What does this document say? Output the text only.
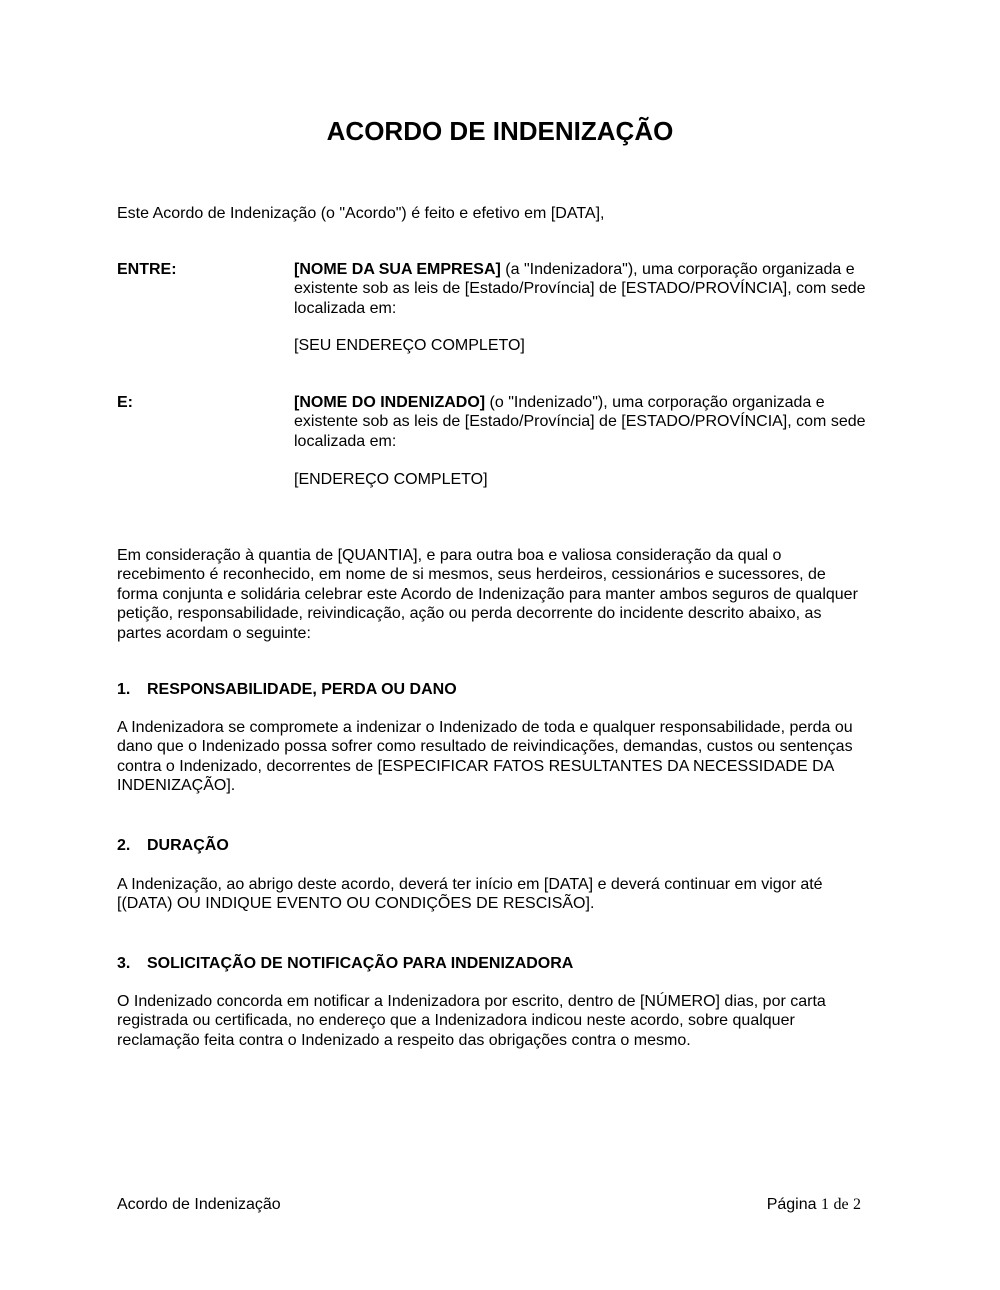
ACORDO DE INDENIZAÇÃO
Este Acordo de Indenização (o "Acordo") é feito e efetivo em [DATA],
ENTRE:	[NOME DA SUA EMPRESA] (a "Indenizadora"), uma corporação organizada e
existente sob as leis de [Estado/Província] de [ESTADO/PROVÍNCIA], com sede
localizada em:
[SEU ENDEREÇO COMPLETO]
E:	[NOME DO INDENIZADO] (o "Indenizado"), uma corporação organizada e
existente sob as leis de [Estado/Província] de [ESTADO/PROVÍNCIA], com sede
localizada em:
[ENDEREÇO COMPLETO]
Em consideração à quantia de [QUANTIA], e para outra boa e valiosa consideração da qual o
recebimento é reconhecido, em nome de si mesmos, seus herdeiros, cessionários e sucessores, de
forma conjunta e solidária celebrar este Acordo de Indenização para manter ambos seguros de qualquer
petição, responsabilidade, reivindicação, ação ou perda decorrente do incidente descrito abaixo, as
partes acordam o seguinte:
1. RESPONSABILIDADE, PERDA OU DANO
A Indenizadora se compromete a indenizar o Indenizado de toda e qualquer responsabilidade, perda ou
dano que o Indenizado possa sofrer como resultado de reivindicações, demandas, custos ou sentenças
contra o Indenizado, decorrentes de [ESPECIFICAR FATOS RESULTANTES DA NECESSIDADE DA
INDENIZAÇÃO].
2. DURAÇÃO
A Indenização, ao abrigo deste acordo, deverá ter início em [DATA] e deverá continuar em vigor até
[(DATA) OU INDIQUE EVENTO OU CONDIÇÕES DE RESCISÃO].
3. SOLICITAÇÃO DE NOTIFICAÇÃO PARA INDENIZADORA
O Indenizado concorda em notificar a Indenizadora por escrito, dentro de [NÚMERO] dias, por carta
registrada ou certificada, no endereço que a Indenizadora indicou neste acordo, sobre qualquer
reclamação feita contra o Indenizado a respeito das obrigações contra o mesmo.
Acordo de Indenização	Página 1 de 2
